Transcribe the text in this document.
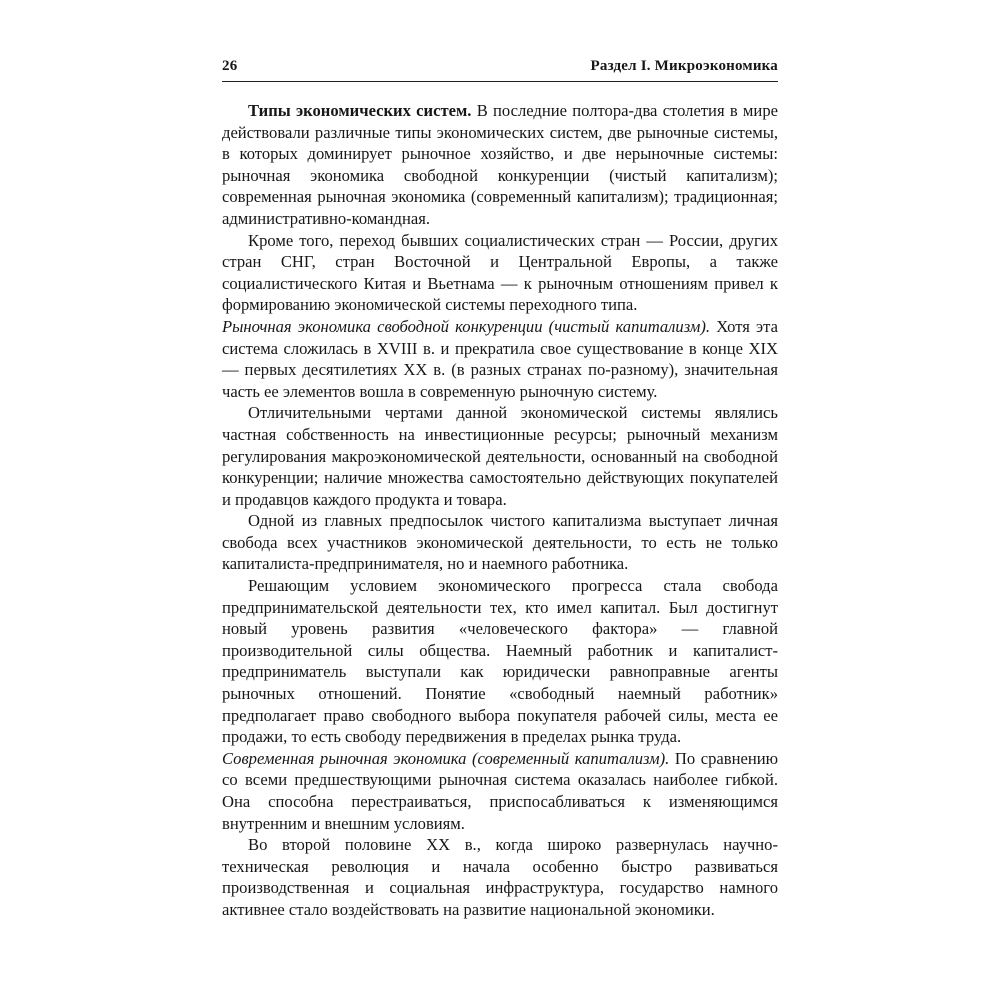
26	Раздел I. Микроэкономика

Типы экономических систем. В последние полтора-два столетия в мире действовали различные типы экономических систем, две рыночные системы, в которых доминирует рыночное хозяйство, и две нерыночные системы: рыночная экономика свободной конкуренции (чистый капитализм); современная рыночная экономика (современный капитализм); традиционная; административно-командная.

Кроме того, переход бывших социалистических стран — России, других стран СНГ, стран Восточной и Центральной Европы, а также социалистического Китая и Вьетнама — к рыночным отношениям привел к формированию экономической системы переходного типа.

Рыночная экономика свободной конкуренции (чистый капитализм). Хотя эта система сложилась в XVIII в. и прекратила свое существование в конце XIX — первых десятилетиях XX в. (в разных странах по-разному), значительная часть ее элементов вошла в современную рыночную систему.

Отличительными чертами данной экономической системы являлись частная собственность на инвестиционные ресурсы; рыночный механизм регулирования макроэкономической деятельности, основанный на свободной конкуренции; наличие множества самостоятельно действующих покупателей и продавцов каждого продукта и товара.

Одной из главных предпосылок чистого капитализма выступает личная свобода всех участников экономической деятельности, то есть не только капиталиста-предпринимателя, но и наемного работника.

Решающим условием экономического прогресса стала свобода предпринимательской деятельности тех, кто имел капитал. Был достигнут новый уровень развития «человеческого фактора» — главной производительной силы общества. Наемный работник и капиталист-предприниматель выступали как юридически равноправные агенты рыночных отношений. Понятие «свободный наемный работник» предполагает право свободного выбора покупателя рабочей силы, места ее продажи, то есть свободу передвижения в пределах рынка труда.

Современная рыночная экономика (современный капитализм). По сравнению со всеми предшествующими рыночная система оказалась наиболее гибкой. Она способна перестраиваться, приспосабливаться к изменяющимся внутренним и внешним условиям.

Во второй половине XX в., когда широко развернулась научно-техническая революция и начала особенно быстро развиваться производственная и социальная инфраструктура, государство намного активнее стало воздействовать на развитие национальной экономики.
